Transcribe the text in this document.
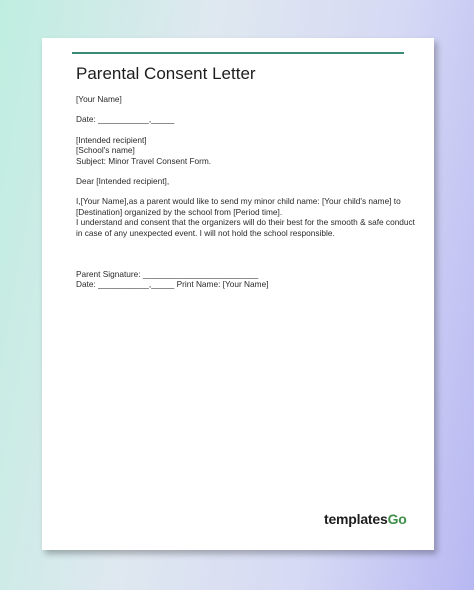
Parental Consent Letter
[Your Name]
Date: ___________,_____
[Intended recipient]
[School's name]
Subject: Minor Travel Consent Form.
Dear [Intended recipient],
I,[Your Name],as a parent would like to send my minor child name: [Your child's name] to
[Destination] organized by the school from [Period time].
I understand and consent that the organizers will do their best for the smooth & safe conduct
in case of any unexpected event. I will not hold the school responsible.
Parent Signature: _________________________
Date: ___________,_____ Print Name: [Your Name]
templatesGo
